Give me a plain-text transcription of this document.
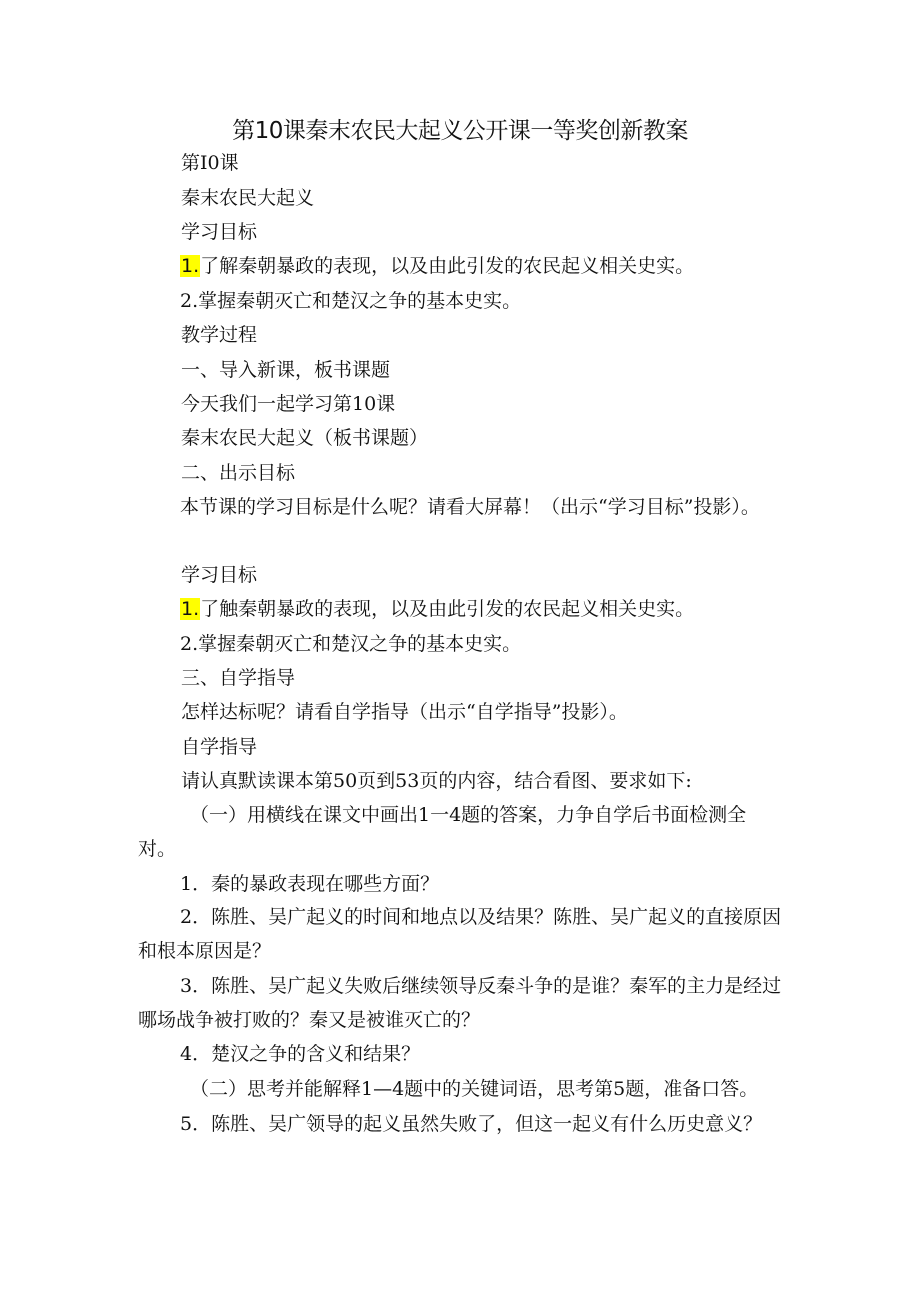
第10课秦末农民大起义公开课一等奖创新教案
第I0课
秦末农民大起义
学习目标
1.了解秦朝暴政的表现，以及由此引发的农民起义相关史实。
2.掌握秦朝灭亡和楚汉之争的基本史实。
教学过程
一、导入新课，板书课题
今天我们一起学习第10课
秦末农民大起义（板书课题）
二、出示目标
本节课的学习目标是什么呢？请看大屏幕！（出示“学习目标”投影）。
学习目标
1.了触秦朝暴政的表现，以及由此引发的农民起义相关史实。
2.掌握秦朝灭亡和楚汉之争的基本史实。
三、自学指导
怎样达标呢？请看自学指导（出示“自学指导”投影）。
自学指导
请认真默读课本第50页到53页的内容，结合看图、要求如下:
（一）用横线在课文中画出1一4题的答案，力争自学后书面检测全对。
1．秦的暴政表现在哪些方面？
2．陈胜、吴广起义的时间和地点以及结果？陈胜、吴广起义的直接原因和根本原因是？
3．陈胜、吴广起义失败后继续领导反秦斗争的是谁？秦军的主力是经过哪场战争被打败的？秦又是被谁灭亡的？
4．楚汉之争的含义和结果？
（二）思考并能解释1—4题中的关键词语，思考第5题，准备口答。
5．陈胜、吴广领导的起义虽然失败了，但这一起义有什么历史意义？
